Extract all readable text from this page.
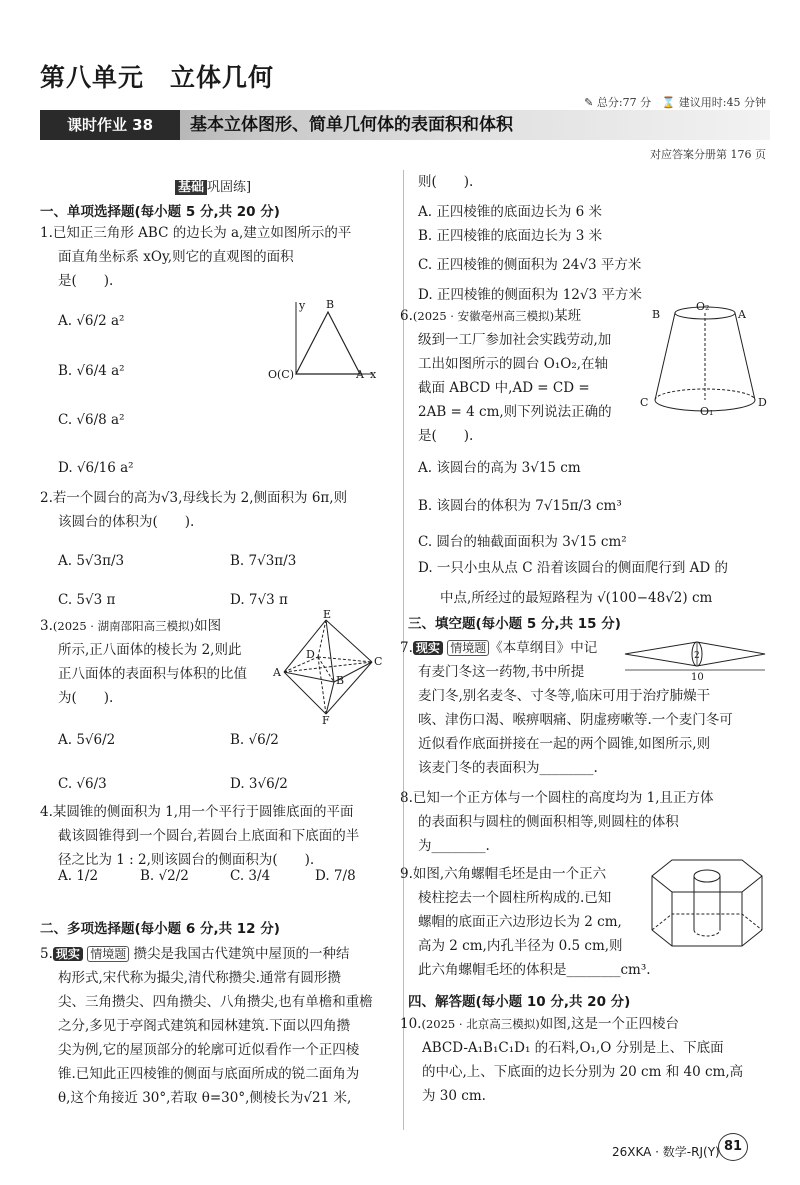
第八单元　立体几何
✎ 总分:77 分 ⌛ 建议用时:45 分钟
课时作业 38	基本立体图形、简单几何体的表面积和体积
对应答案分册第 176 页
基础 巩固练]
一、单项选择题(每小题 5 分,共 20 分)
1.已知正三角形 ABC 的边长为 a,建立如图所示的平
面直角坐标系 xOy,则它的直观图的面积
是(　　).
A. √6/2 a²
B. √6/4 a²
C. √6/8 a²
D. √6/16 a²
B
y
O(C)	A x
2.若一个圆台的高为√3,母线长为 2,侧面积为 6π,则
该圆台的体积为(　　).
A. 5√3π/3	B. 7√3π/3
C. 5√3 π	D. 7√3 π
3.(2025 · 湖南邵阳高三模拟)如图
所示,正八面体的棱长为 2,则此
正八面体的表面积与体积的比值
为(　　).
E
D
C
A
B
F
A. 5√6/2	B. √6/2
C. √6/3	D. 3√6/2
4.某圆锥的侧面积为 1,用一个平行于圆锥底面的平面
截该圆锥得到一个圆台,若圆台上底面和下底面的半
径之比为 1 : 2,则该圆台的侧面积为(　　).
A. 1/2	B. √2/2	C. 3/4	D. 7/8
二、多项选择题(每小题 6 分,共 12 分)
5. 现实 情境题 攒尖是我国古代建筑中屋顶的一种结
构形式,宋代称为撮尖,清代称攒尖.通常有圆形攒
尖、三角攒尖、四角攒尖、八角攒尖,也有单檐和重檐
之分,多见于亭阁式建筑和园林建筑.下面以四角攒
尖为例,它的屋顶部分的轮廓可近似看作一个正四棱
锥.已知此正四棱锥的侧面与底面所成的锐二面角为
θ,这个角接近 30°,若取 θ=30°,侧棱长为√21 米,
则(　　).
A. 正四棱锥的底面边长为 6 米
B. 正四棱锥的底面边长为 3 米
C. 正四棱锥的侧面积为 24√3 平方米
D. 正四棱锥的侧面积为 12√3 平方米
6.(2025 · 安徽亳州高三模拟)某班
级到一工厂参加社会实践劳动,加
工出如图所示的圆台 O₁O₂,在轴
截面 ABCD 中,AD = CD =
2AB = 4 cm,则下列说法正确的
是(　　).
B
O₂
A
C
O₁
D
A. 该圆台的高为 3√15 cm
B. 该圆台的体积为 7√15π/3 cm³
C. 圆台的轴截面面积为 3√15 cm²
D. 一只小虫从点 C 沿着该圆台的侧面爬行到 AD 的
中点,所经过的最短路程为 √(100−48√2) cm
三、填空题(每小题 5 分,共 15 分)
7. 现实 情境题 《本草纲目》中记
有麦门冬这一药物,书中所提
麦门冬,别名麦冬、寸冬等,临床可用于治疗肺燥干
咳、津伤口渴、喉痹咽痛、阴虚痨嗽等.一个麦门冬可
近似看作底面拼接在一起的两个圆锥,如图所示,则
该麦门冬的表面积为________.
2
10
8.已知一个正方体与一个圆柱的高度均为 1,且正方体
的表面积与圆柱的侧面积相等,则圆柱的体积
为________.
9.如图,六角螺帽毛坯是由一个正六
棱柱挖去一个圆柱所构成的.已知
螺帽的底面正六边形边长为 2 cm,
高为 2 cm,内孔半径为 0.5 cm,则
此六角螺帽毛坯的体积是________cm³.
四、解答题(每小题 10 分,共 20 分)
10.(2025 · 北京高三模拟)如图,这是一个正四棱台
ABCD-A₁B₁C₁D₁ 的石料,O₁,O 分别是上、下底面
的中心,上、下底面的边长分别为 20 cm 和 40 cm,高
为 30 cm.
26XKA · 数学-RJ(Y) 81
